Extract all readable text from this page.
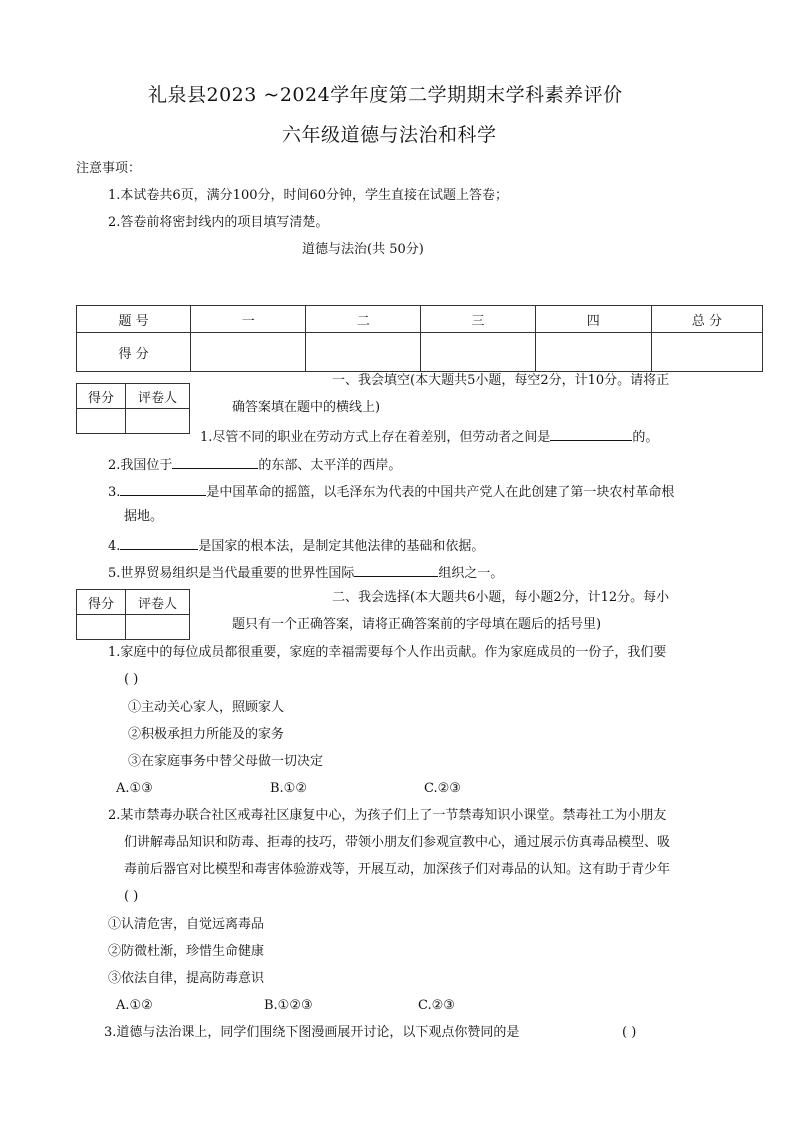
礼泉县2023 ~2024学年度第二学期期末学科素养评价
六年级道德与法治和科学
注意事项：
1.本试卷共6页，满分100分，时间60分钟，学生直接在试题上答卷；
2.答卷前将密封线内的项目填写清楚。
道德与法治(共 50分)
题 号	一	二	三	四	总 分
得 分					
得分	评卷人

一、我会填空(本大题共5小题，每空2分，计10分。请将正
确答案填在题中的横线上)
1.尽管不同的职业在劳动方式上存在着差别，但劳动者之间是	的。
2.我国位于	的东部、太平洋的西岸。
3.	是中国革命的摇篮，以毛泽东为代表的中国共产党人在此创建了第一块农村革命根
据地。
4.	是国家的根本法，是制定其他法律的基础和依据。
5.世界贸易组织是当代最重要的世界性国际	组织之一。
得分	评卷人
		二、我会选择(本大题共6小题，每小题2分，计12分。每小
题只有一个正确答案，请将正确答案前的字母填在题后的括号里)
1.家庭中的每位成员都很重要，家庭的幸福需要每个人作出贡献。作为家庭成员的一份子，我们要
( )
①主动关心家人，照顾家人
②积极承担力所能及的家务
③在家庭事务中替父母做一切决定
A.①③	B.①②	C.②③
2.某市禁毒办联合社区戒毒社区康复中心，为孩子们上了一节禁毒知识小课堂。禁毒社工为小朋友
们讲解毒品知识和防毒、拒毒的技巧，带领小朋友们参观宣教中心，通过展示仿真毒品模型、吸
毒前后器官对比模型和毒害体验游戏等，开展互动，加深孩子们对毒品的认知。这有助于青少年
( )
①认清危害，自觉远离毒品
②防微杜渐，珍惜生命健康
③依法自律，提高防毒意识
A.①②	B.①②③	C.②③
3.道德与法治课上，同学们围绕下图漫画展开讨论，以下观点你赞同的是	( )
